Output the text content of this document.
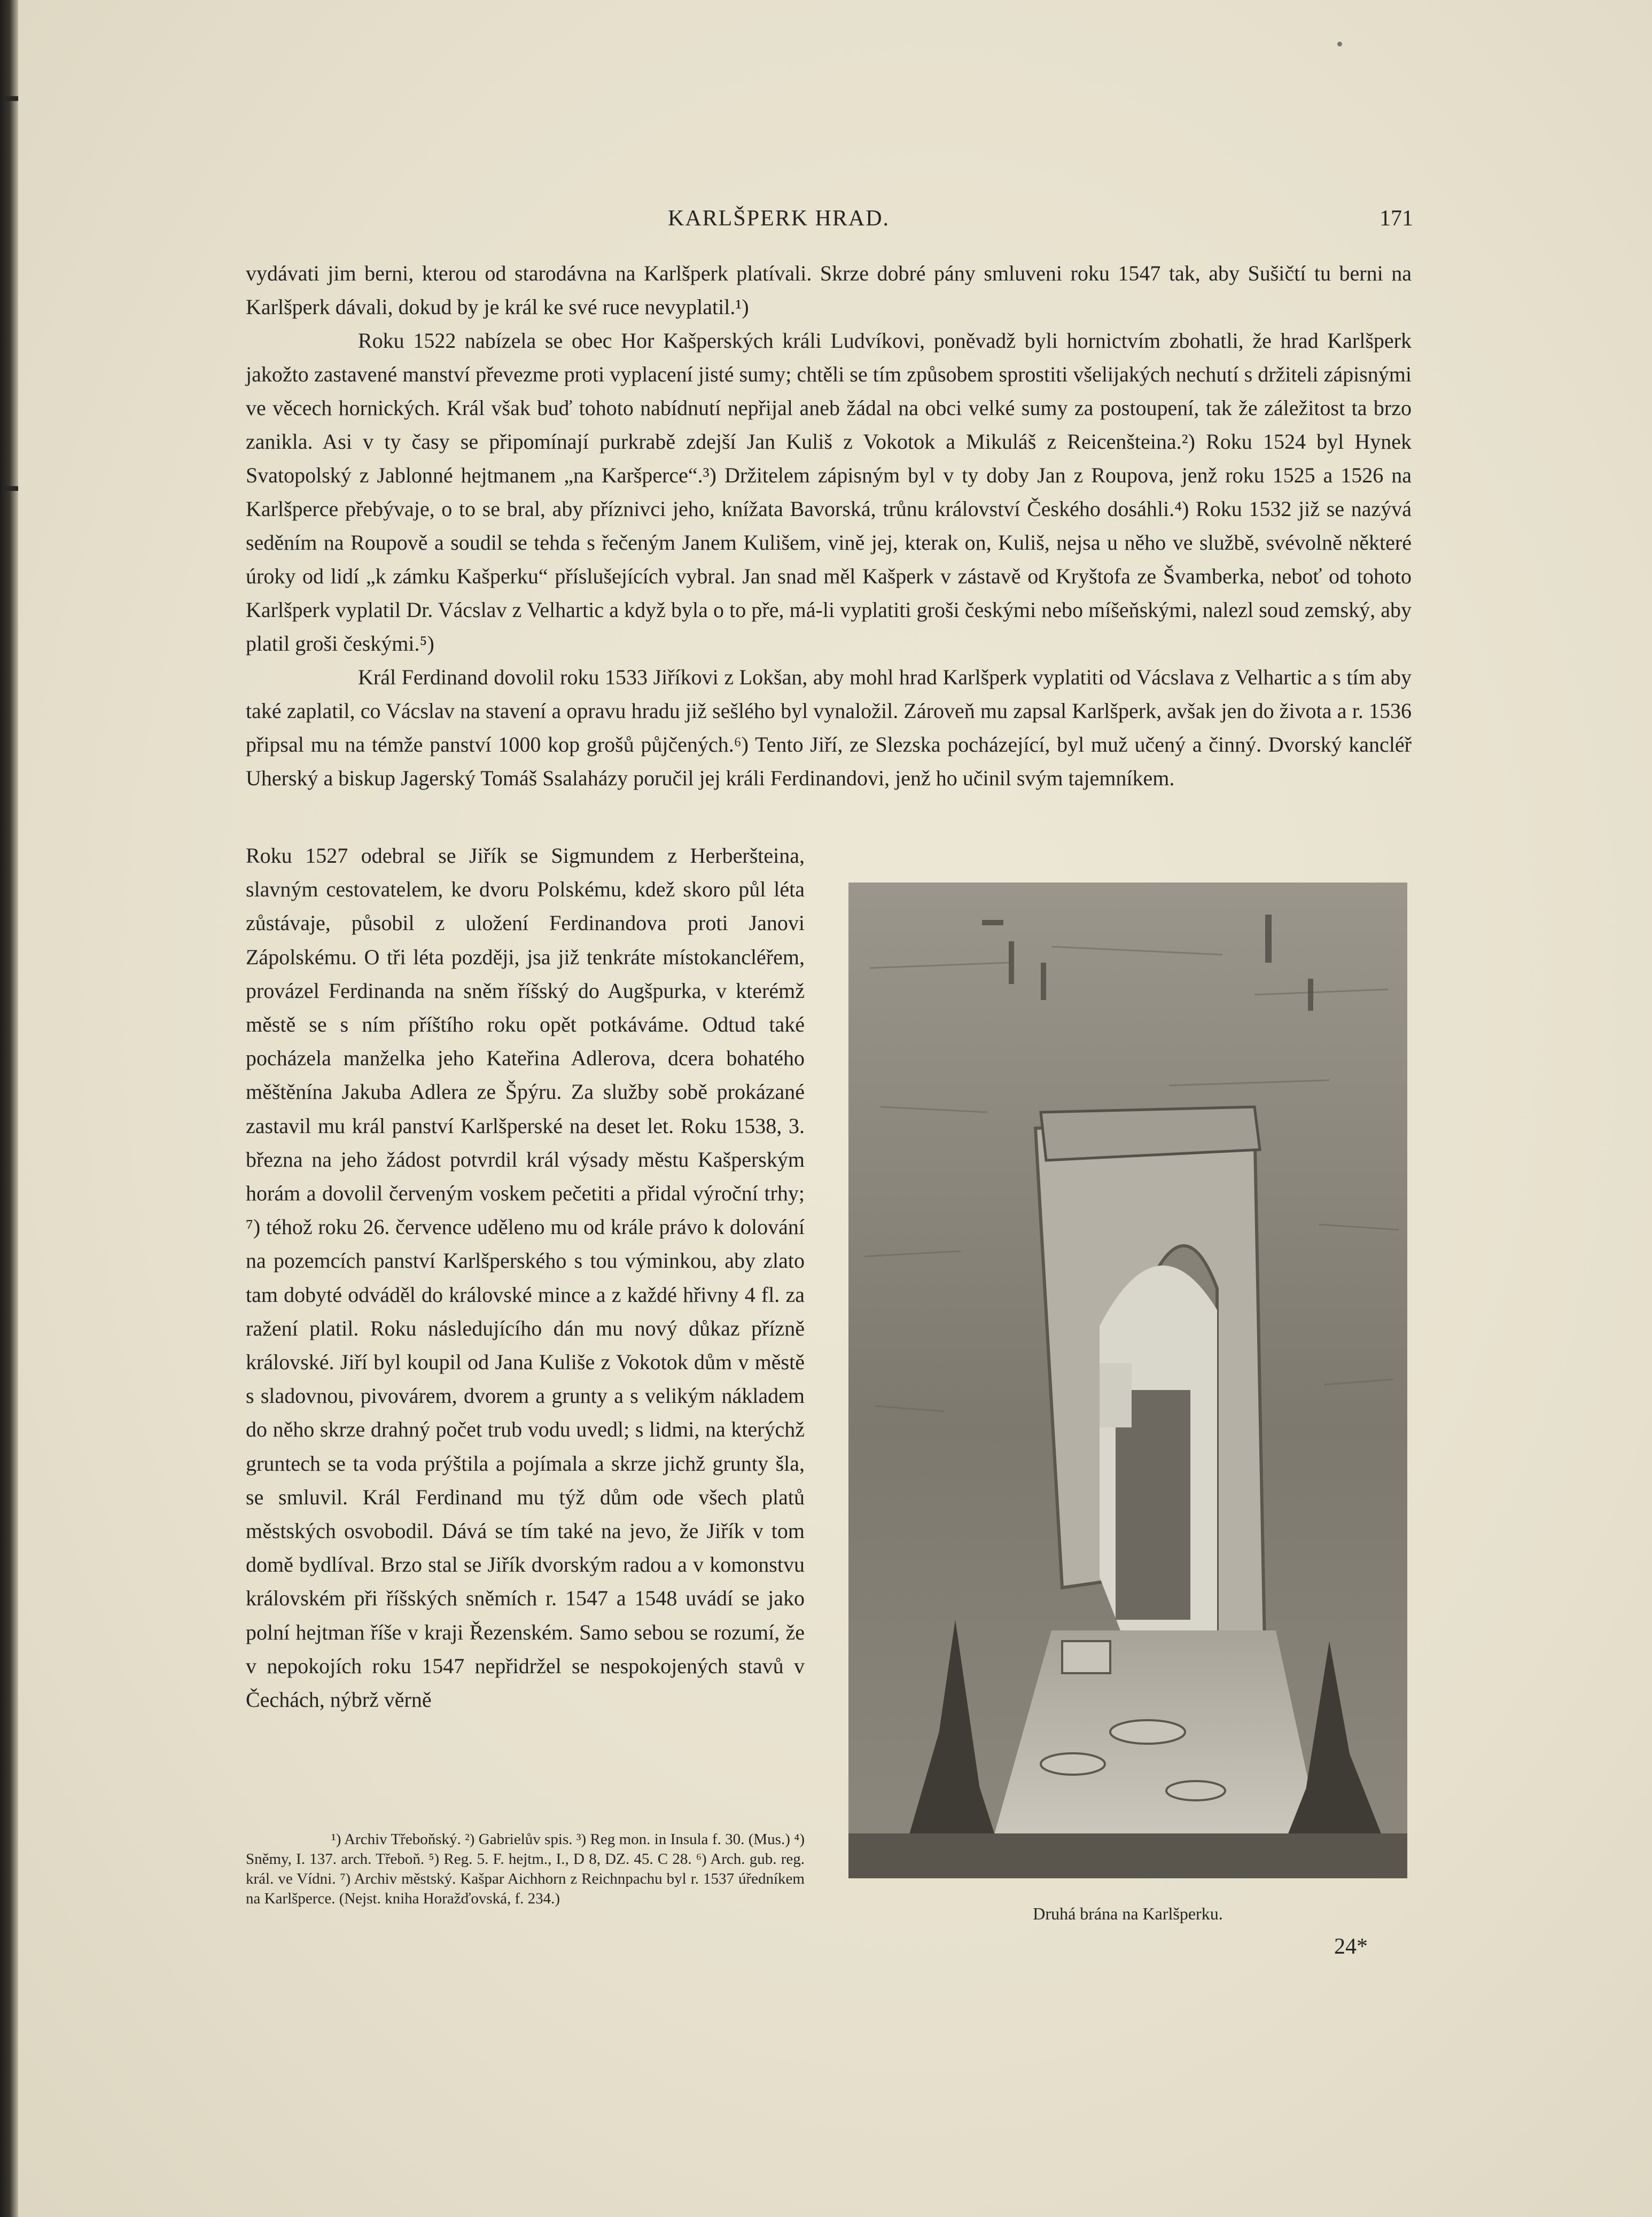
KARLŠPERK HRAD.	171

vydávati jim berni, kterou od starodávna na Karlšperk platívali. Skrze dobré pány smluveni roku 1547 tak, aby Sušičtí tu berni na Karlšperk dávali, dokud by je král ke své ruce nevyplatil.¹)

Roku 1522 nabízela se obec Hor Kašperských králi Ludvíkovi, poněvadž byli hornictvím zbohatli, že hrad Karlšperk jakožto zastavené manství převezme proti vyplacení jisté sumy; chtěli se tím způsobem sprostiti všelijakých nechutí s držiteli zápisnými ve věcech hornických. Král však buď tohoto nabídnutí nepřijal aneb žádal na obci velké sumy za postoupení, tak že záležitost ta brzo zanikla. Asi v ty časy se připomínají purkrabě zdejší Jan Kuliš z Vokotok a Mikuláš z Reicenšteina.²) Roku 1524 byl Hynek Svatopolský z Jablonné hejtmanem „na Karšperce“.³) Držitelem zápisným byl v ty doby Jan z Roupova, jenž roku 1525 a 1526 na Karlšperce přebývaje, o to se bral, aby příznivci jeho, knížata Bavorská, trůnu království Českého dosáhli.⁴) Roku 1532 již se nazývá seděním na Roupově a soudil se tehda s řečeným Janem Kulišem, vině jej, kterak on, Kuliš, nejsa u něho ve službě, svévolně některé úroky od lidí „k zámku Kašperku“ příslušejících vybral. Jan snad měl Kašperk v zástavě od Kryštofa ze Švamberka, neboť od tohoto Karlšperk vyplatil Dr. Vácslav z Velhartic a když byla o to pře, má-li vyplatiti groši českými nebo míšeňskými, nalezl soud zemský, aby platil groši českými.⁵)

Král Ferdinand dovolil roku 1533 Jiříkovi z Lokšan, aby mohl hrad Karlšperk vyplatiti od Vácslava z Velhartic a s tím aby také zaplatil, co Vácslav na stavení a opravu hradu již sešlého byl vynaložil. Zároveň mu zapsal Karlšperk, avšak jen do života a r. 1536 připsal mu na témže panství 1000 kop grošů půjčených.⁶) Tento Jiří, ze Slezska pocházející, byl muž učený a činný. Dvorský kancléř Uherský a biskup Jagerský Tomáš Ssalaházy poručil jej králi Ferdinandovi, jenž ho učinil svým tajemníkem.

Roku 1527 odebral se Jiřík se Sigmundem z Herberšteina, slavným cestovatelem, ke dvoru Polskému, kdež skoro půl léta zůstávaje, působil z uložení Ferdinandova proti Janovi Zápolskému. O tři léta později, jsa již tenkráte místokancléřem, provázel Ferdinanda na sněm říšský do Augšpurka, v kterémž městě se s ním příštího roku opět potkáváme. Odtud také pocházela manželka jeho Kateřina Adlerova, dcera bohatého měštěnína Jakuba Adlera ze Špýru. Za služby sobě prokázané zastavil mu král panství Karlšperské na deset let. Roku 1538, 3. března na jeho žádost potvrdil král výsady městu Kašperským horám a dovolil červeným voskem pečetiti a přidal výroční trhy; ⁷) téhož roku 26. července uděleno mu od krále právo k dolování na pozemcích panství Karlšperského s tou výminkou, aby zlato tam dobyté odváděl do královské mince a z každé hřivny 4 fl. za ražení platil. Roku následujícího dán mu nový důkaz přízně královské. Jiří byl koupil od Jana Kuliše z Vokotok dům v městě s sladovnou, pivovárem, dvorem a grunty a s velikým nákladem do něho skrze drahný počet trub vodu uvedl; s lidmi, na kterýchž gruntech se ta voda prýštila a pojímala a skrze jichž grunty šla, se smluvil. Král Ferdinand mu týž dům ode všech platů městských osvobodil. Dává se tím také na jevo, že Jiřík v tom domě bydlíval. Brzo stal se Jiřík dvorským radou a v komonstvu královském při říšských sněmích r. 1547 a 1548 uvádí se jako polní hejtman říše v kraji Řezenském. Samo sebou se rozumí, že v nepokojích roku 1547 nepřidržel se nespokojených stavů v Čechách, nýbrž věrně

¹) Archiv Třeboňský. ²) Gabrielův spis. ³) Reg mon. in Insula f. 30. (Mus.) ⁴) Sněmy, I. 137. arch. Třeboň. ⁵) Reg. 5. F. hejtm., I., D 8, DZ. 45. C 28. ⁶) Arch. gub. reg. král. ve Vídni. ⁷) Archiv městský. Kašpar Aichhorn z Reichnpachu byl r. 1537 úředníkem na Karlšperce. (Nejst. kniha Horažďovská, f. 234.)

Druhá brána na Karlšperku.
24*
